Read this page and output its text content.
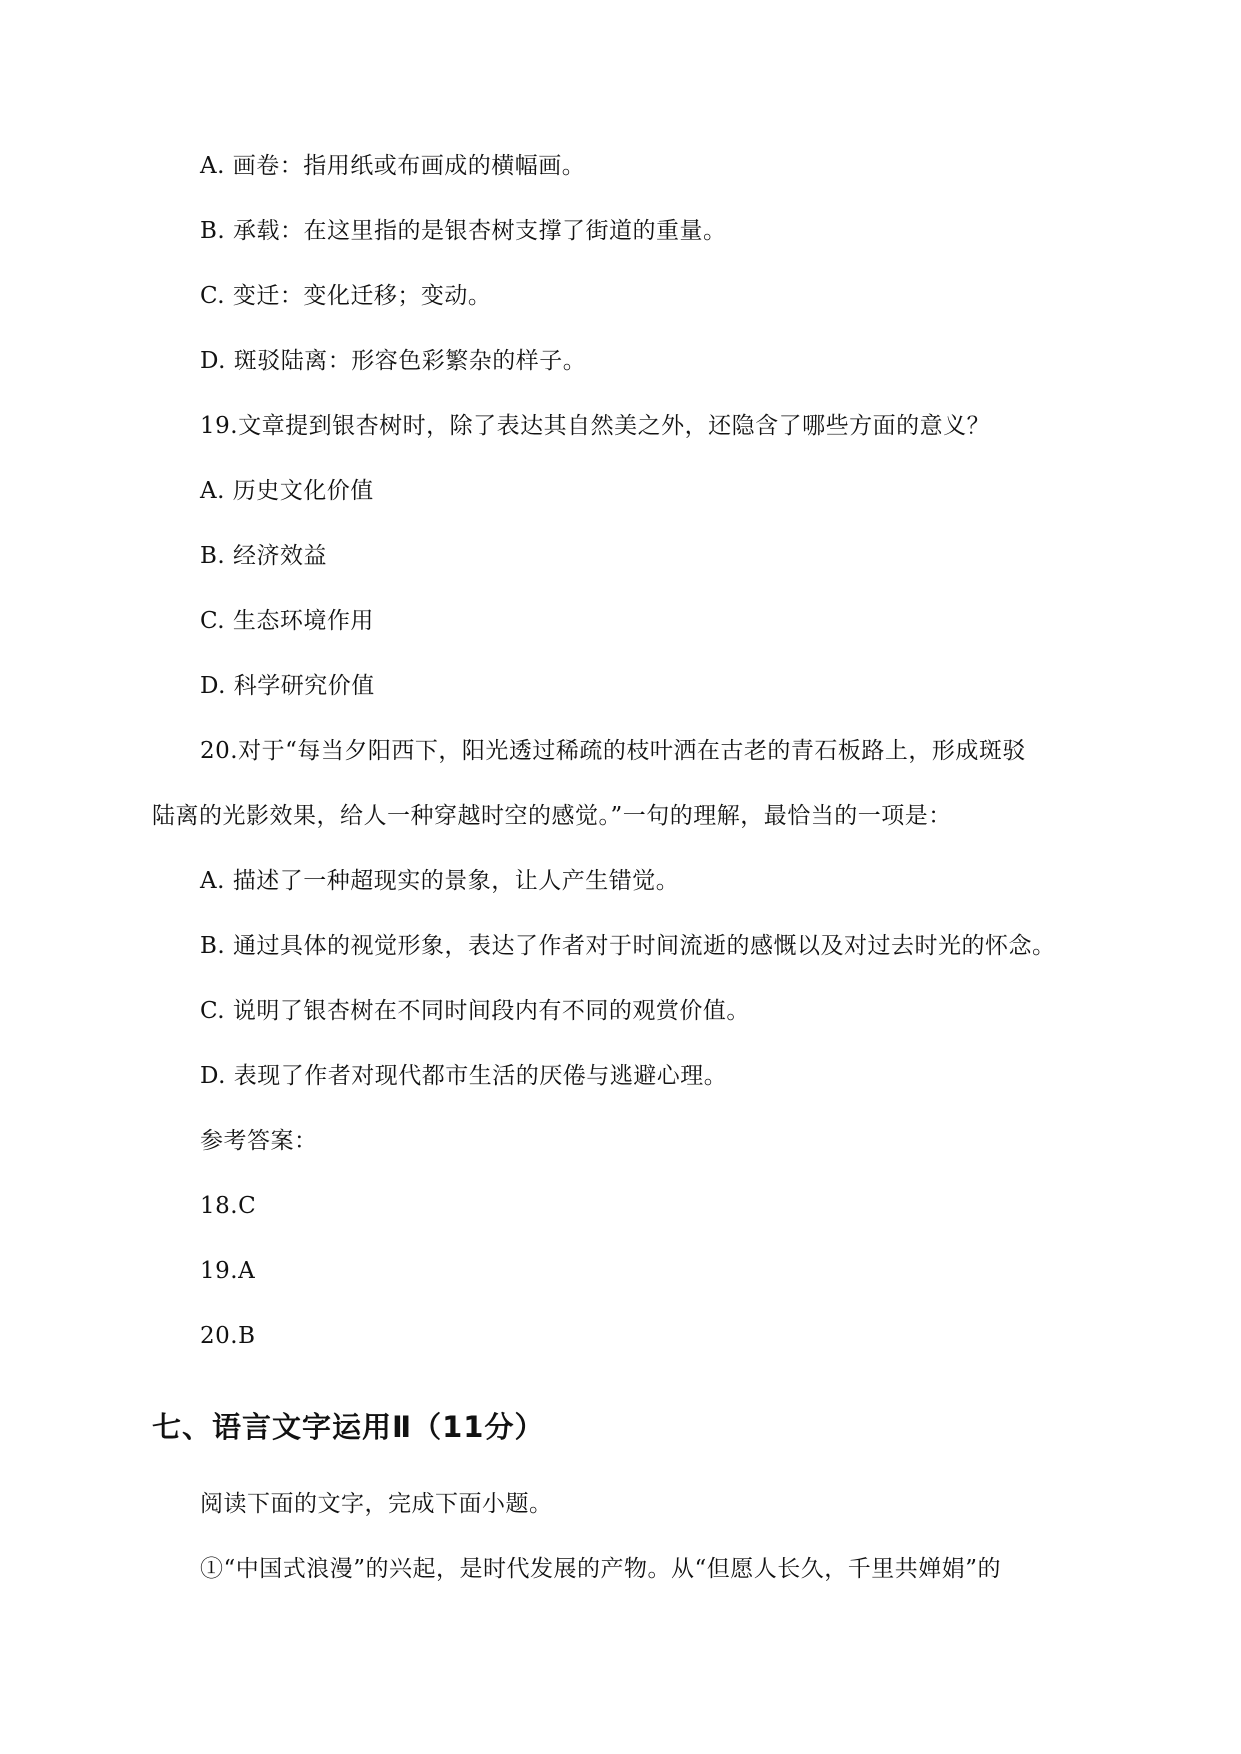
A. 画卷：指用纸或布画成的横幅画。
B. 承载：在这里指的是银杏树支撑了街道的重量。
C. 变迁：变化迁移；变动。
D. 斑驳陆离：形容色彩繁杂的样子。
19.文章提到银杏树时，除了表达其自然美之外，还隐含了哪些方面的意义？
A. 历史文化价值
B. 经济效益
C. 生态环境作用
D. 科学研究价值
20.对于“每当夕阳西下，阳光透过稀疏的枝叶洒在古老的青石板路上，形成斑驳
陆离的光影效果，给人一种穿越时空的感觉。”一句的理解，最恰当的一项是：
A. 描述了一种超现实的景象，让人产生错觉。
B. 通过具体的视觉形象，表达了作者对于时间流逝的感慨以及对过去时光的怀念。
C. 说明了银杏树在不同时间段内有不同的观赏价值。
D. 表现了作者对现代都市生活的厌倦与逃避心理。
参考答案：
18.C
19.A
20.B
七、语言文字运用Ⅱ（11分）
阅读下面的文字，完成下面小题。
①“中国式浪漫”的兴起，是时代发展的产物。从“但愿人长久，千里共婵娟”的
